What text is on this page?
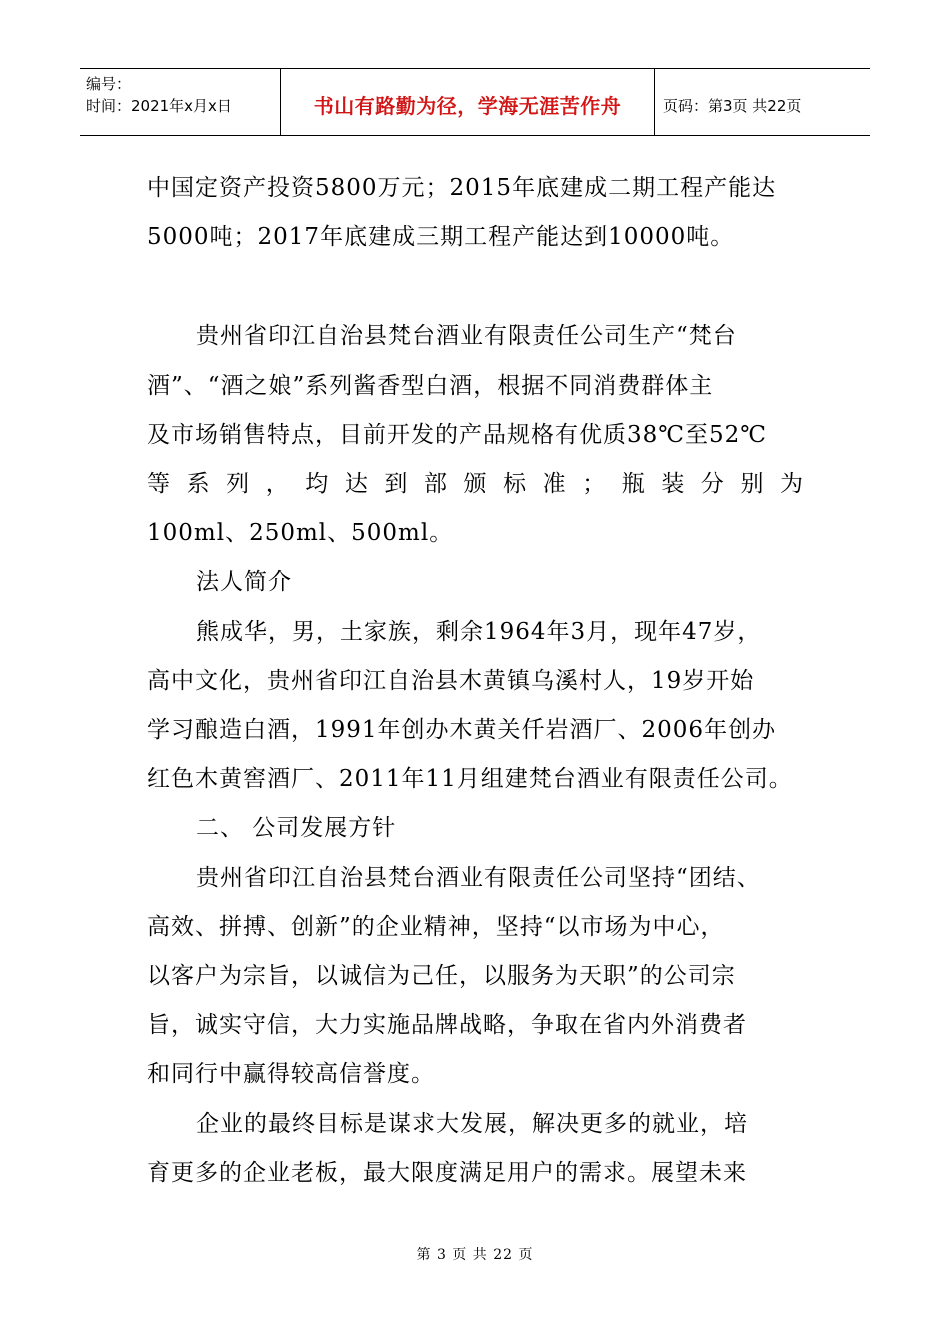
编号：
时间：2021年x月x日	书山有路勤为径，学海无涯苦作舟	页码：第3页 共22页
中国定资产投资5800万元；2015年底建成二期工程产能达
5000吨；2017年底建成三期工程产能达到10000吨。
贵州省印江自治县梵台酒业有限责任公司生产“梵台
酒”、“酒之娘”系列酱香型白酒，根据不同消费群体主
及市场销售特点，目前开发的产品规格有优质38℃至52℃
等 系 列 ， 均 达 到 部 颁 标 准 ； 瓶 装 分 别 为
100ml、250ml、500ml。
法人简介
熊成华，男，土家族，剩余1964年3月，现年47岁，
高中文化，贵州省印江自治县木黄镇乌溪村人，19岁开始
学习酿造白酒，1991年创办木黄关仟岩酒厂、2006年创办
红色木黄窖酒厂、2011年11月组建梵台酒业有限责任公司。
二、 公司发展方针
贵州省印江自治县梵台酒业有限责任公司坚持“团结、
高效、拼搏、创新”的企业精神，坚持“以市场为中心，
以客户为宗旨，以诚信为己任，以服务为天职”的公司宗
旨，诚实守信，大力实施品牌战略，争取在省内外消费者
和同行中赢得较高信誉度。
企业的最终目标是谋求大发展，解决更多的就业，培
育更多的企业老板，最大限度满足用户的需求。展望未来
第 3 页 共 22 页
